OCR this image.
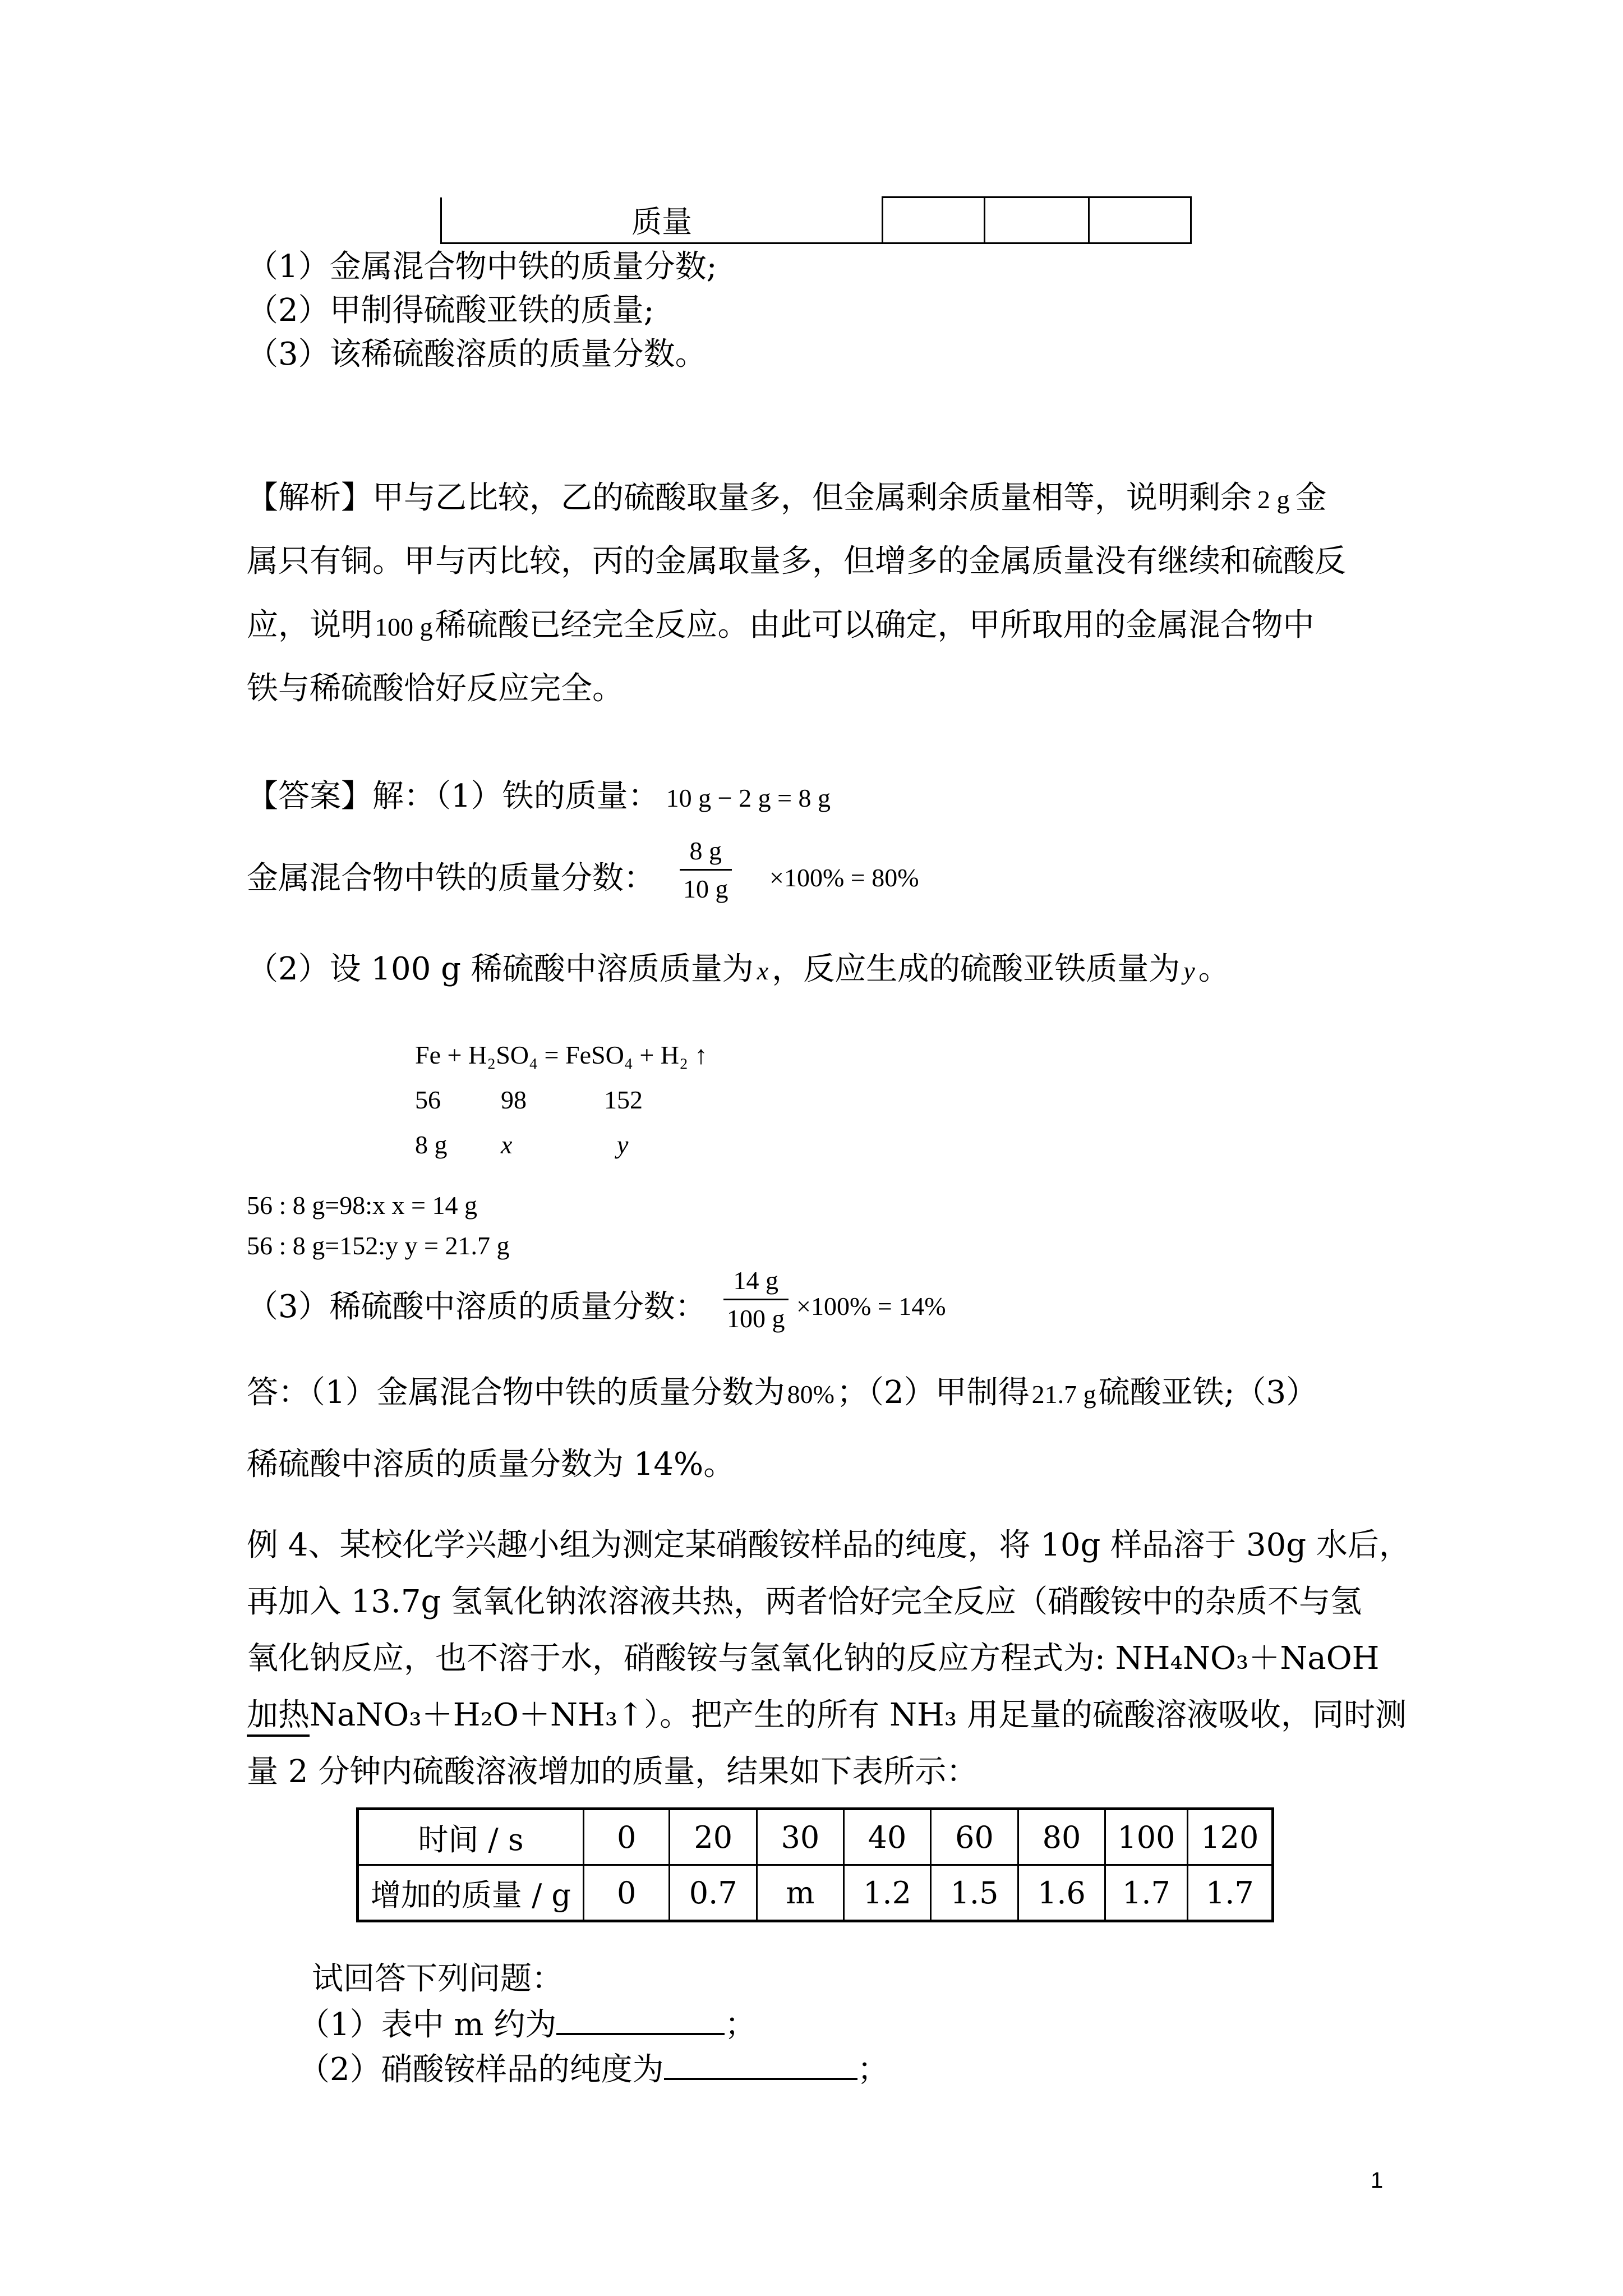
质量			
（1）金属混合物中铁的质量分数;
（2）甲制得硫酸亚铁的质量;
（3）该稀硫酸溶质的质量分数。
【解析】甲与乙比较，乙的硫酸取量多，但金属剩余质量相等，说明剩余 2 g 金
属只有铜。甲与丙比较，丙的金属取量多，但增多的金属质量没有继续和硫酸反
应，说明100 g稀硫酸已经完全反应。由此可以确定，甲所取用的金属混合物中
铁与稀硫酸恰好反应完全。
【答案】解：（1）铁的质量： 10 g − 2 g = 8 g
金属混合物中铁的质量分数： $\frac{8 g}{10 g} \times 100\% = 80\%$
（2）设 100 g 稀硫酸中溶质质量为 x ，反应生成的硫酸亚铁质量为 y 。
Fe + H₂SO₄ = FeSO₄ + H₂ ↑
56 98	152
8 g x	y
56 : 8 g=98:x x = 14 g
56 : 8 g=152:y y = 21.7 g
（3）稀硫酸中溶质的质量分数： $\frac{14 g}{100 g} \times 100\% = 14\%$
答：（1）金属混合物中铁的质量分数为80%；（2）甲制得21.7 g硫酸亚铁;（3）
稀硫酸中溶质的质量分数为 14%。
例 4、某校化学兴趣小组为测定某硝酸铵样品的纯度，将 10g 样品溶于 30g 水后，
再加入 13.7g 氢氧化钠浓溶液共热，两者恰好完全反应（硝酸铵中的杂质不与氢
氧化钠反应，也不溶于水，硝酸铵与氢氧化钠的反应方程式为: NH₄NO₃＋NaOH
加热NaNO₃＋H₂O＋NH₃↑）。把产生的所有 NH₃ 用足量的硫酸溶液吸收，同时测
量 2 分钟内硫酸溶液增加的质量，结果如下表所示：
时间 / s	0	20	30	40	60	80	100	120
增加的质量 / g	0	0.7	m	1.2	1.5	1.6	1.7	1.7
试回答下列问题：
（1）表中 m 约为	；
（2）硝酸铵样品的纯度为	；
1
